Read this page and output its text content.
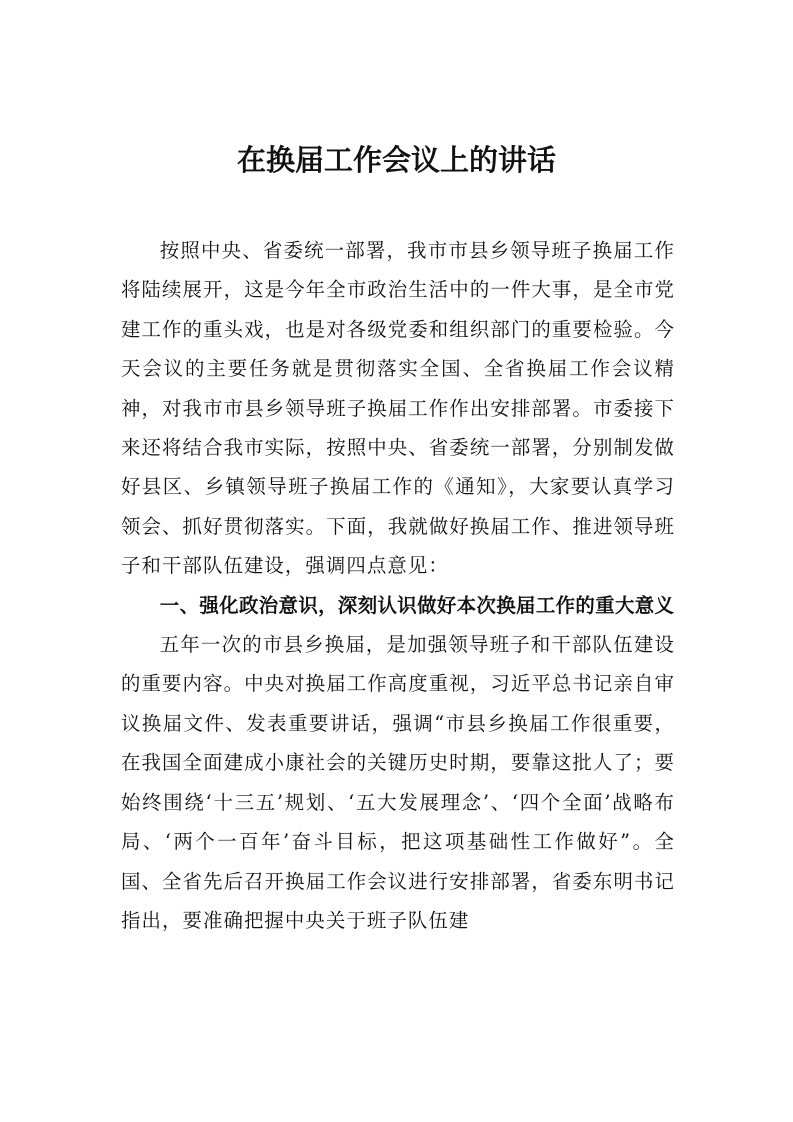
在换届工作会议上的讲话

按照中央、省委统一部署，我市市县乡领导班子换届工作将陆续展开，这是今年全市政治生活中的一件大事，是全市党建工作的重头戏，也是对各级党委和组织部门的重要检验。今天会议的主要任务就是贯彻落实全国、全省换届工作会议精神，对我市市县乡领导班子换届工作作出安排部署。市委接下来还将结合我市实际，按照中央、省委统一部署，分别制发做好县区、乡镇领导班子换届工作的《通知》，大家要认真学习领会、抓好贯彻落实。下面，我就做好换届工作、推进领导班子和干部队伍建设，强调四点意见：

一、强化政治意识，深刻认识做好本次换届工作的重大意义

五年一次的市县乡换届，是加强领导班子和干部队伍建设的重要内容。中央对换届工作高度重视，习近平总书记亲自审议换届文件、发表重要讲话，强调“市县乡换届工作很重要，在我国全面建成小康社会的关键历史时期，要靠这批人了；要始终围绕‘十三五’规划、‘五大发展理念’、‘四个全面’战略布局、‘两个一百年’奋斗目标，把这项基础性工作做好”。全国、全省先后召开换届工作会议进行安排部署，省委东明书记指出，要准确把握中央关于班子队伍建
